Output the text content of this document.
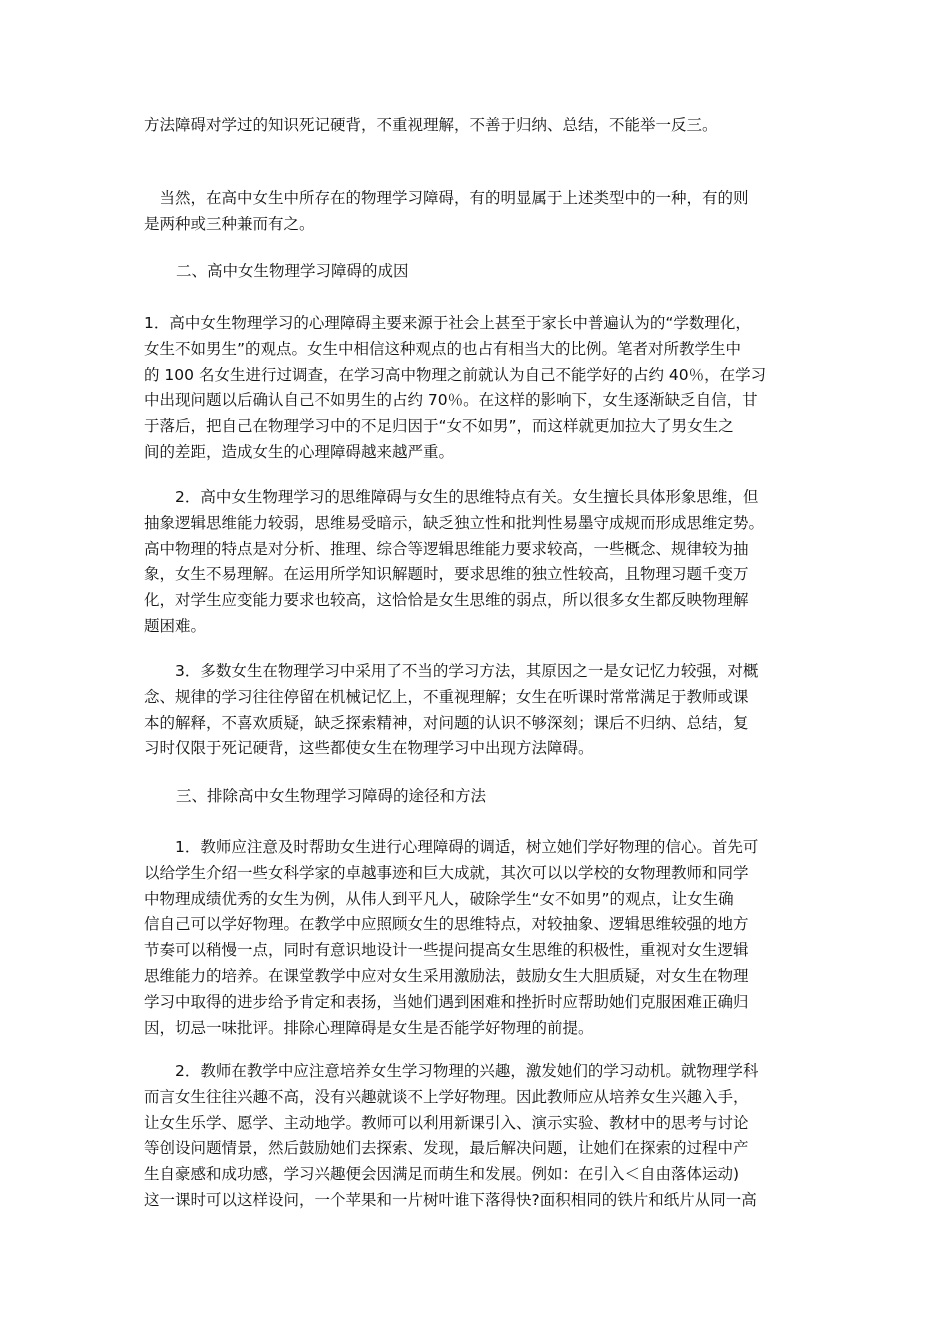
方法障碍对学过的知识死记硬背，不重视理解，不善于归纳、总结，不能举一反三。

　当然，在高中女生中所存在的物理学习障碍，有的明显属于上述类型中的一种，有的则
是两种或三种兼而有之。

二、高中女生物理学习障碍的成因

1．高中女生物理学习的心理障碍主要来源于社会上甚至于家长中普遍认为的“学数理化，
女生不如男生”的观点。女生中相信这种观点的也占有相当大的比例。笔者对所教学生中
的 100 名女生进行过调查，在学习高中物理之前就认为自己不能学好的占约 40％，在学习
中出现问题以后确认自己不如男生的占约 70％。在这样的影响下，女生逐渐缺乏自信，甘
于落后，把自己在物理学习中的不足归因于“女不如男”，而这样就更加拉大了男女生之
间的差距，造成女生的心理障碍越来越严重。

　　2．高中女生物理学习的思维障碍与女生的思维特点有关。女生擅长具体形象思维，但
抽象逻辑思维能力较弱，思维易受暗示，缺乏独立性和批判性易墨守成规而形成思维定势。
高中物理的特点是对分析、推理、综合等逻辑思维能力要求较高，一些概念、规律较为抽
象，女生不易理解。在运用所学知识解题时，要求思维的独立性较高，且物理习题千变万
化，对学生应变能力要求也较高，这恰恰是女生思维的弱点，所以很多女生都反映物理解
题困难。

　　3．多数女生在物理学习中采用了不当的学习方法，其原因之一是女记忆力较强，对概
念、规律的学习往往停留在机械记忆上，不重视理解；女生在听课时常常满足于教师或课
本的解释，不喜欢质疑，缺乏探索精神，对问题的认识不够深刻；课后不归纳、总结，复
习时仅限于死记硬背，这些都使女生在物理学习中出现方法障碍。

三、排除高中女生物理学习障碍的途径和方法

　　1．教师应注意及时帮助女生进行心理障碍的调适，树立她们学好物理的信心。首先可
以给学生介绍一些女科学家的卓越事迹和巨大成就，其次可以以学校的女物理教师和同学
中物理成绩优秀的女生为例，从伟人到平凡人，破除学生“女不如男”的观点，让女生确
信自己可以学好物理。在教学中应照顾女生的思维特点，对较抽象、逻辑思维较强的地方
节奏可以稍慢一点，同时有意识地设计一些提问提高女生思维的积极性，重视对女生逻辑
思维能力的培养。在课堂教学中应对女生采用激励法，鼓励女生大胆质疑，对女生在物理
学习中取得的进步给予肯定和表扬，当她们遇到困难和挫折时应帮助她们克服困难正确归
因，切忌一味批评。排除心理障碍是女生是否能学好物理的前提。

　　2．教师在教学中应注意培养女生学习物理的兴趣，激发她们的学习动机。就物理学科
而言女生往往兴趣不高，没有兴趣就谈不上学好物理。因此教师应从培养女生兴趣入手，
让女生乐学、愿学、主动地学。教师可以利用新课引入、演示实验、教材中的思考与讨论
等创设问题情景，然后鼓励她们去探索、发现，最后解决问题，让她们在探索的过程中产
生自豪感和成功感，学习兴趣便会因满足而萌生和发展。例如：在引入＜自由落体运动)
这一课时可以这样设问，一个苹果和一片树叶谁下落得快?面积相同的铁片和纸片从同一高
